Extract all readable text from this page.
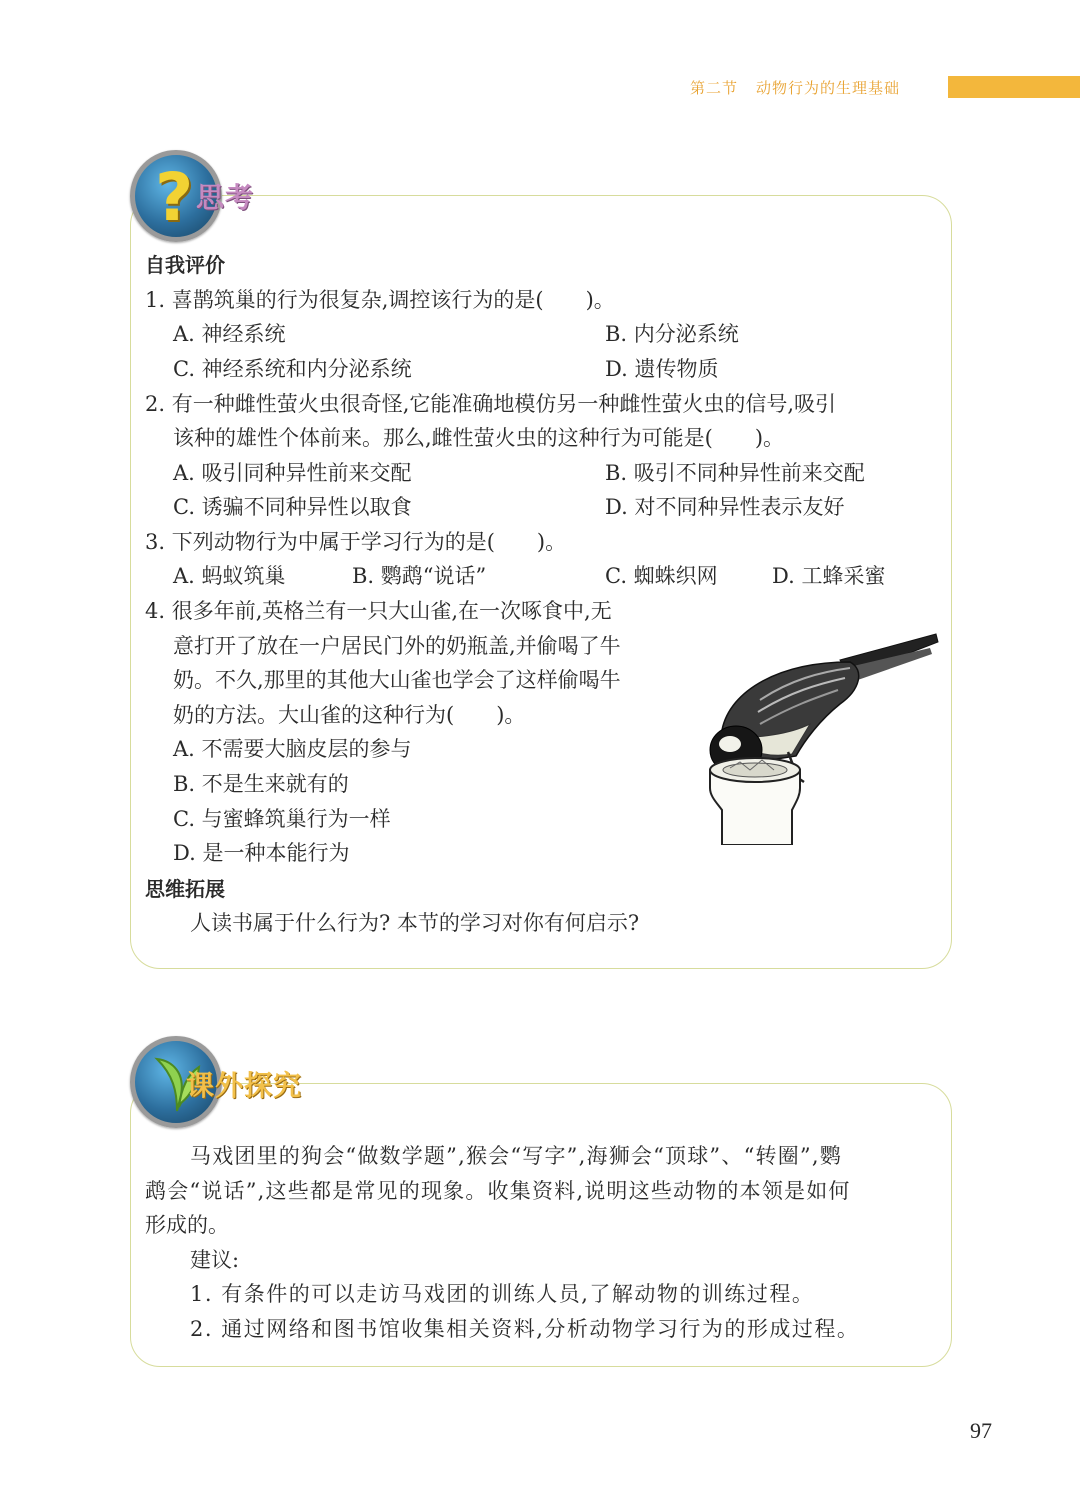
第二节 动物行为的生理基础
? 思考
自我评价
1. 喜鹊筑巢的行为很复杂,调控该行为的是(　　)。
A. 神经系统	B. 内分泌系统
C. 神经系统和内分泌系统	D. 遗传物质
2. 有一种雌性萤火虫很奇怪,它能准确地模仿另一种雌性萤火虫的信号,吸引
该种的雄性个体前来。那么,雌性萤火虫的这种行为可能是(　　)。
A. 吸引同种异性前来交配	B. 吸引不同种异性前来交配
C. 诱骗不同种异性以取食	D. 对不同种异性表示友好
3. 下列动物行为中属于学习行为的是(　　)。
A. 蚂蚁筑巢	B. 鹦鹉“说话”	C. 蜘蛛织网	D. 工蜂采蜜
4. 很多年前,英格兰有一只大山雀,在一次啄食中,无
意打开了放在一户居民门外的奶瓶盖,并偷喝了牛
奶。不久,那里的其他大山雀也学会了这样偷喝牛
奶的方法。大山雀的这种行为(　　)。
A. 不需要大脑皮层的参与
B. 不是生来就有的
C. 与蜜蜂筑巢行为一样
D. 是一种本能行为
思维拓展
人读书属于什么行为? 本节的学习对你有何启示?
课外探究
马戏团里的狗会“做数学题”,猴会“写字”,海狮会“顶球”、“转圈”,鹦
鹉会“说话”,这些都是常见的现象。收集资料,说明这些动物的本领是如何
形成的。
建议:
1. 有条件的可以走访马戏团的训练人员,了解动物的训练过程。
2. 通过网络和图书馆收集相关资料,分析动物学习行为的形成过程。
97
